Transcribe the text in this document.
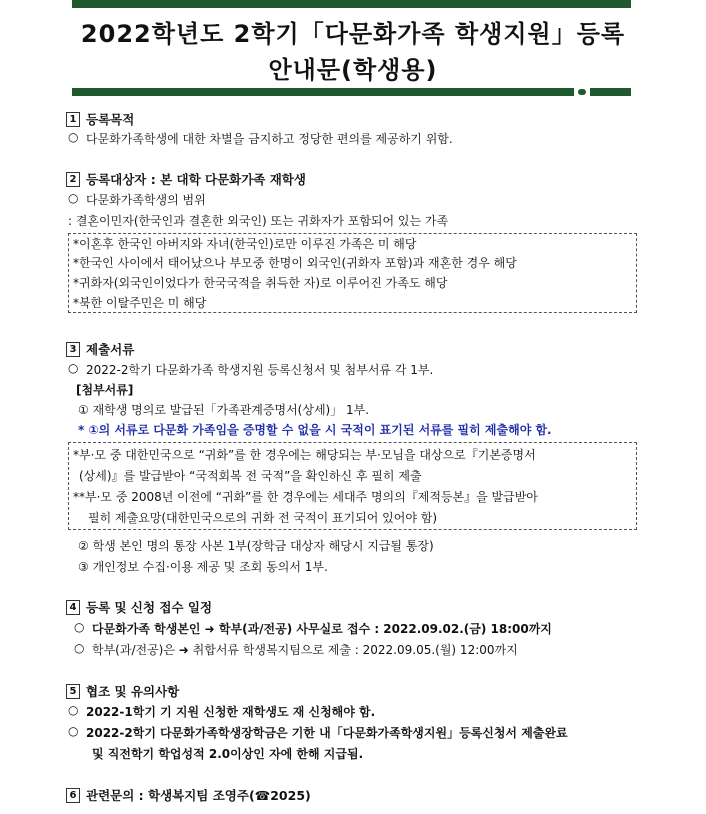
2022학년도 2학기「다문화가족 학생지원」등록
안내문(학생용)
1 등록목적
○ 다문화가족학생에 대한 차별을 금지하고 정당한 편의를 제공하기 위함.
2 등록대상자 : 본 대학 다문화가족 재학생
○ 다문화가족학생의 범위
: 결혼이민자(한국인과 결혼한 외국인) 또는 귀화자가 포함되어 있는 가족
*이혼후 한국인 아버지와 자녀(한국인)로만 이루진 가족은 미 해당
*한국인 사이에서 태어났으나 부모중 한명이 외국인(귀화자 포함)과 재혼한 경우 해당
*귀화자(외국인이었다가 한국국적을 취득한 자)로 이루어진 가족도 해당
*북한 이탈주민은 미 해당
3 제출서류
○ 2022-2학기 다문화가족 학생지원 등록신청서 및 첨부서류 각 1부.
[첨부서류]
① 재학생 명의로 발급된「가족관계증명서(상세)」 1부.
* ①의 서류로 다문화 가족임을 증명할 수 없을 시 국적이 표기된 서류를 필히 제출해야 함.
*부·모 중 대한민국으로 “귀화”를 한 경우에는 해당되는 부·모님을 대상으로『기본증명서
(상세)』를 발급받아 “국적회복 전 국적”을 확인하신 후 필히 제출
**부·모 중 2008년 이전에 “귀화”를 한 경우에는 세대주 명의의『제적등본』을 발급받아
필히 제출요망(대한민국으로의 귀화 전 국적이 표기되어 있어야 함)
② 학생 본인 명의 통장 사본 1부(장학금 대상자 해당시 지급될 통장)
③ 개인정보 수집·이용 제공 및 조회 동의서 1부.
4 등록 및 신청 접수 일정
○ 다문화가족 학생본인 ➜ 학부(과/전공) 사무실로 접수 : 2022.09.02.(금) 18:00까지
○ 학부(과/전공)은 ➜ 취합서류 학생복지팀으로 제출 : 2022.09.05.(월) 12:00까지
5 협조 및 유의사항
○ 2022-1학기 기 지원 신청한 재학생도 재 신청해야 함.
○ 2022-2학기 다문화가족학생장학금은 기한 내「다문화가족학생지원」등록신청서 제출완료
및 직전학기 학업성적 2.0이상인 자에 한해 지급됨.
6 관련문의 : 학생복지팀 조영주(☎2025)
